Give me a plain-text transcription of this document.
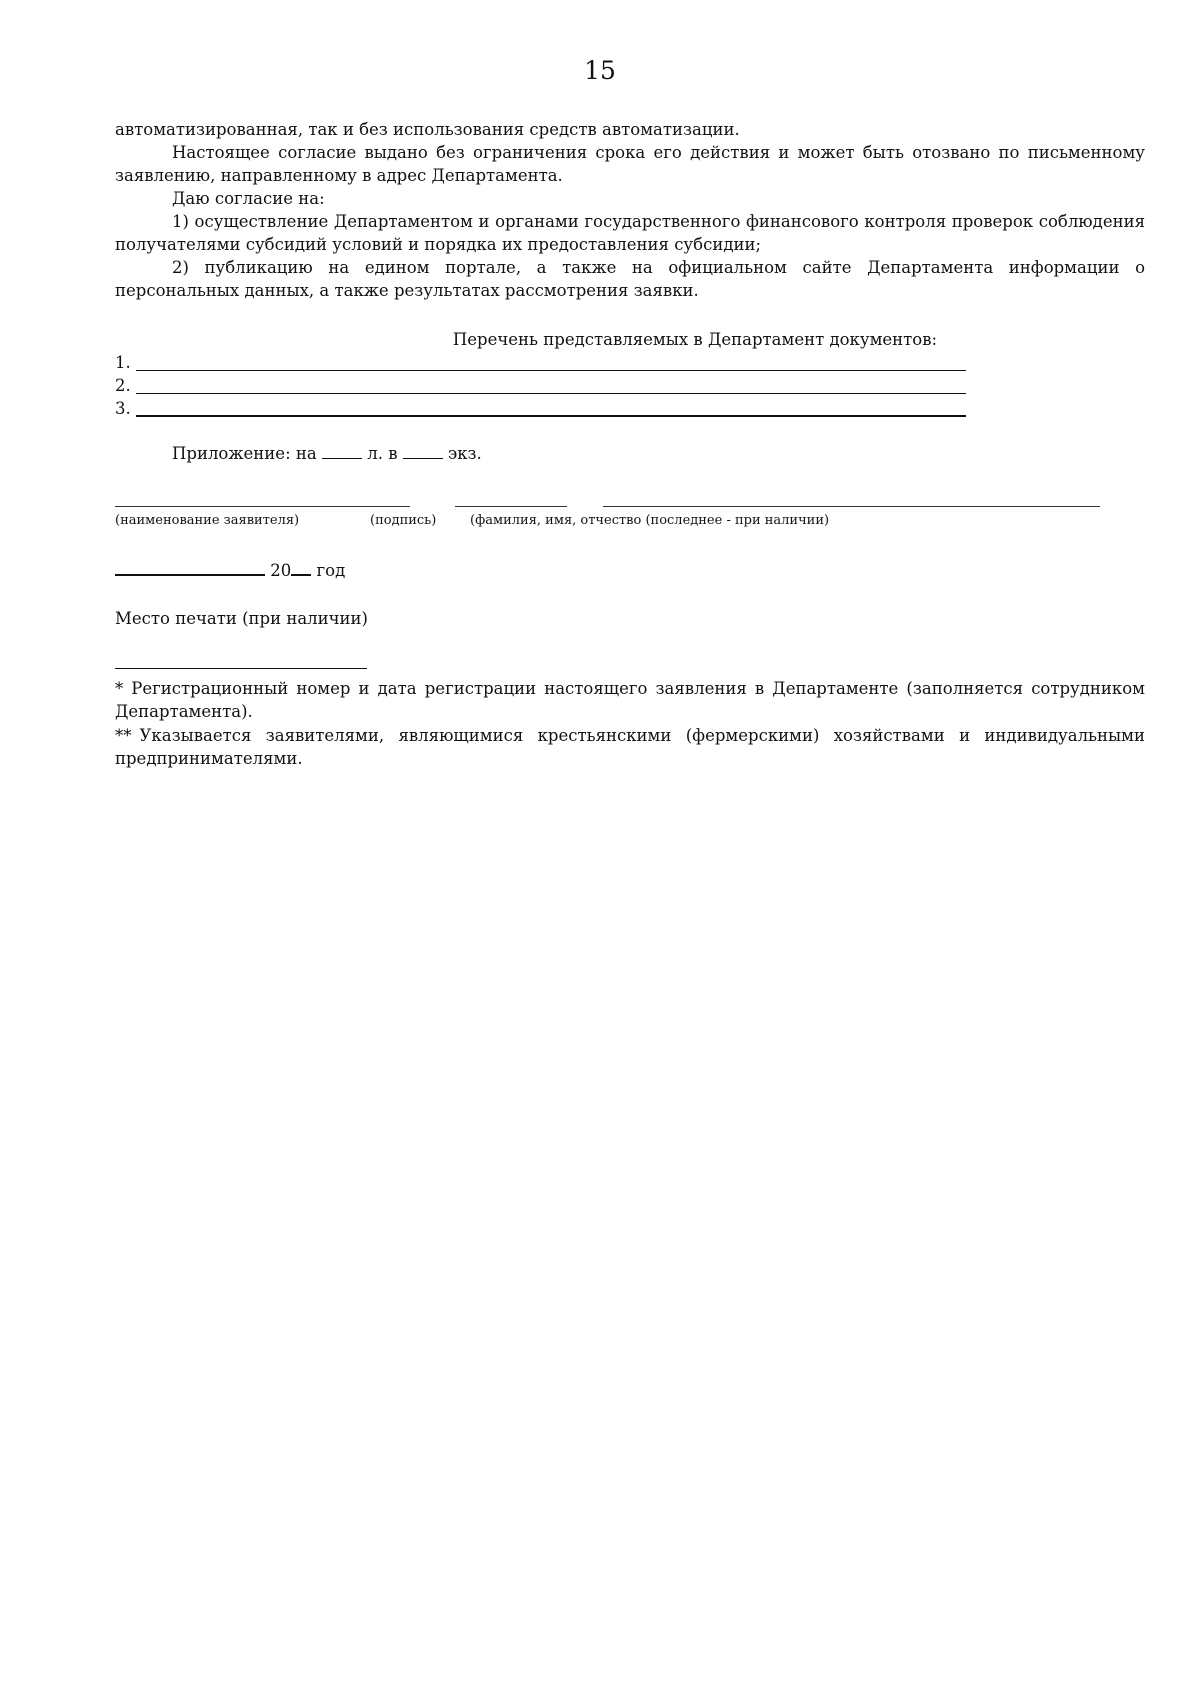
15

автоматизированная, так и без использования средств автоматизации.

Настоящее согласие выдано без ограничения срока его действия и может быть отозвано по письменному заявлению, направленному в адрес Департамента.

Даю согласие на:

1) осуществление Департаментом и органами государственного финансового контроля проверок соблюдения получателями субсидий условий и порядка их предоставления субсидии;

2) публикацию на едином портале, а также на официальном сайте Департамента информации о персональных данных, а также результатах рассмотрения заявки.

Перечень представляемых в Департамент документов:

1.
2.
3.
Приложение: на	л. в	экз.
(наименование заявителя)	(подпись)	(фамилия, имя, отчество (последнее - при наличии)
20 год
Место печати (при наличии)

* Регистрационный номер и дата регистрации настоящего заявления в Департаменте (заполняется сотрудником Департамента).

** Указывается заявителями, являющимися крестьянскими (фермерскими) хозяйствами и индивидуальными предпринимателями.
